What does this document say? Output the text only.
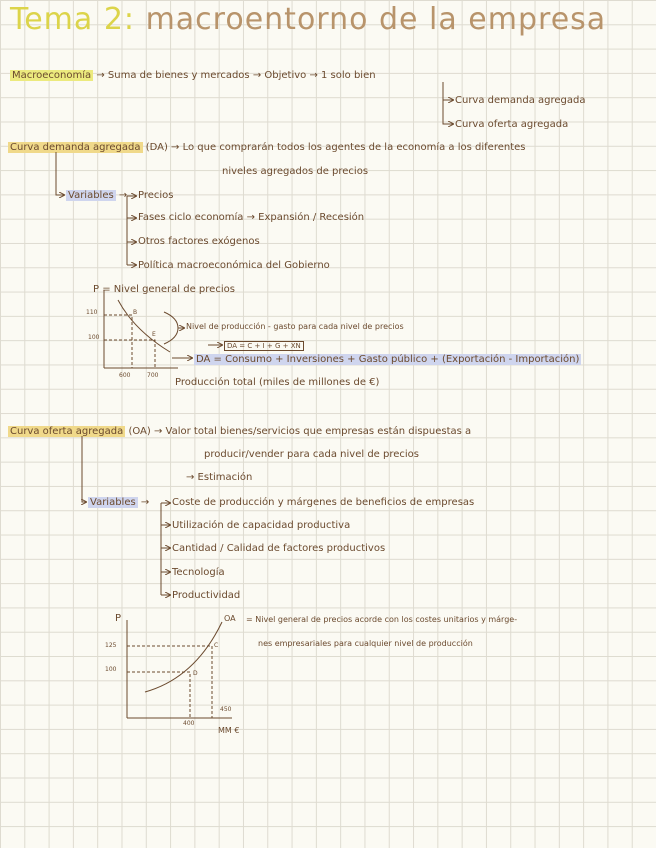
Tema 2: macroentorno de la empresa
Macroeconomía → Suma de bienes y mercados → Objetivo → 1 solo bien
Curva demanda agregada
Curva oferta agregada
Curva demanda agregada (DA) → Lo que comprarán todos los agentes de la economía a los diferentes
niveles agregados de precios
Variables → Precios
Fases ciclo economía → Expansión / Recesión
Otros factores exógenos
Política macroeconómica del Gobierno
P = Nivel general de precios
110
100
600	700
B
E
Nivel de producción - gasto para cada nivel de precios
DA = C + I + G + XN
DA = Consumo + Inversiones + Gasto público + (Exportación - Importación)
Producción total (miles de millones de €)
Curva oferta agregada (OA) → Valor total bienes/servicios que empresas están dispuestas a
producir/vender para cada nivel de precios
→ Estimación
Variables → Coste de producción y márgenes de beneficios de empresas
Utilización de capacidad productiva
Cantidad / Calidad de factores productivos
Tecnología
Productividad
P	OA = Nivel general de precios acorde con los costes unitarios y márge-
nes empresariales para cualquier nivel de producción
125
100
400
450
C
D
MM €
